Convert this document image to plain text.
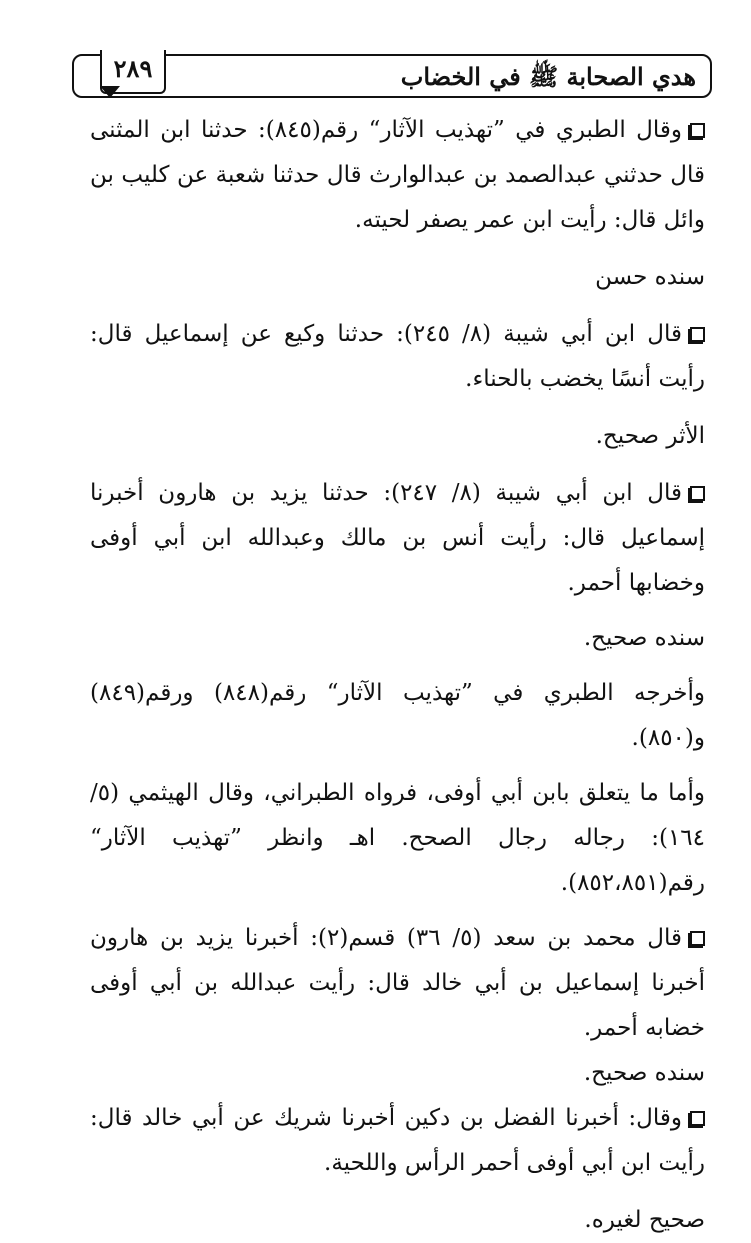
هدي الصحابة ﷺ في الخضاب
٢٨٩

وقال الطبري في ”تهذيب الآثار“ رقم(٨٤٥): حدثنا ابن المثنى قال حدثني عبدالصمد بن عبدالوارث قال حدثنا شعبة عن كليب بن وائل قال: رأيت ابن عمر يصفر لحيته.

سنده حسن

قال ابن أبي شيبة (٨/ ٢٤٥): حدثنا وكيع عن إسماعيل قال: رأيت أنسًا يخضب بالحناء.

الأثر صحيح.

قال ابن أبي شيبة (٨/ ٢٤٧): حدثنا يزيد بن هارون أخبرنا إسماعيل قال: رأيت أنس بن مالك وعبدالله ابن أبي أوفى وخضابها أحمر.

سنده صحيح.

وأخرجه الطبري في ”تهذيب الآثار“ رقم(٨٤٨) ورقم(٨٤٩) و(٨٥٠).

وأما ما يتعلق بابن أبي أوفى، فرواه الطبراني، وقال الهيثمي (٥/ ١٦٤): رجاله رجال الصحح. اهـ وانظر ”تهذيب الآثار“ رقم(٨٥٢،٨٥١).

قال محمد بن سعد (٥/ ٣٦) قسم(٢): أخبرنا يزيد بن هارون أخبرنا إسماعيل بن أبي خالد قال: رأيت عبدالله بن أبي أوفى خضابه أحمر.

سنده صحيح.

وقال: أخبرنا الفضل بن دكين أخبرنا شريك عن أبي خالد قال: رأيت ابن أبي أوفى أحمر الرأس واللحية.

صحيح لغيره.
